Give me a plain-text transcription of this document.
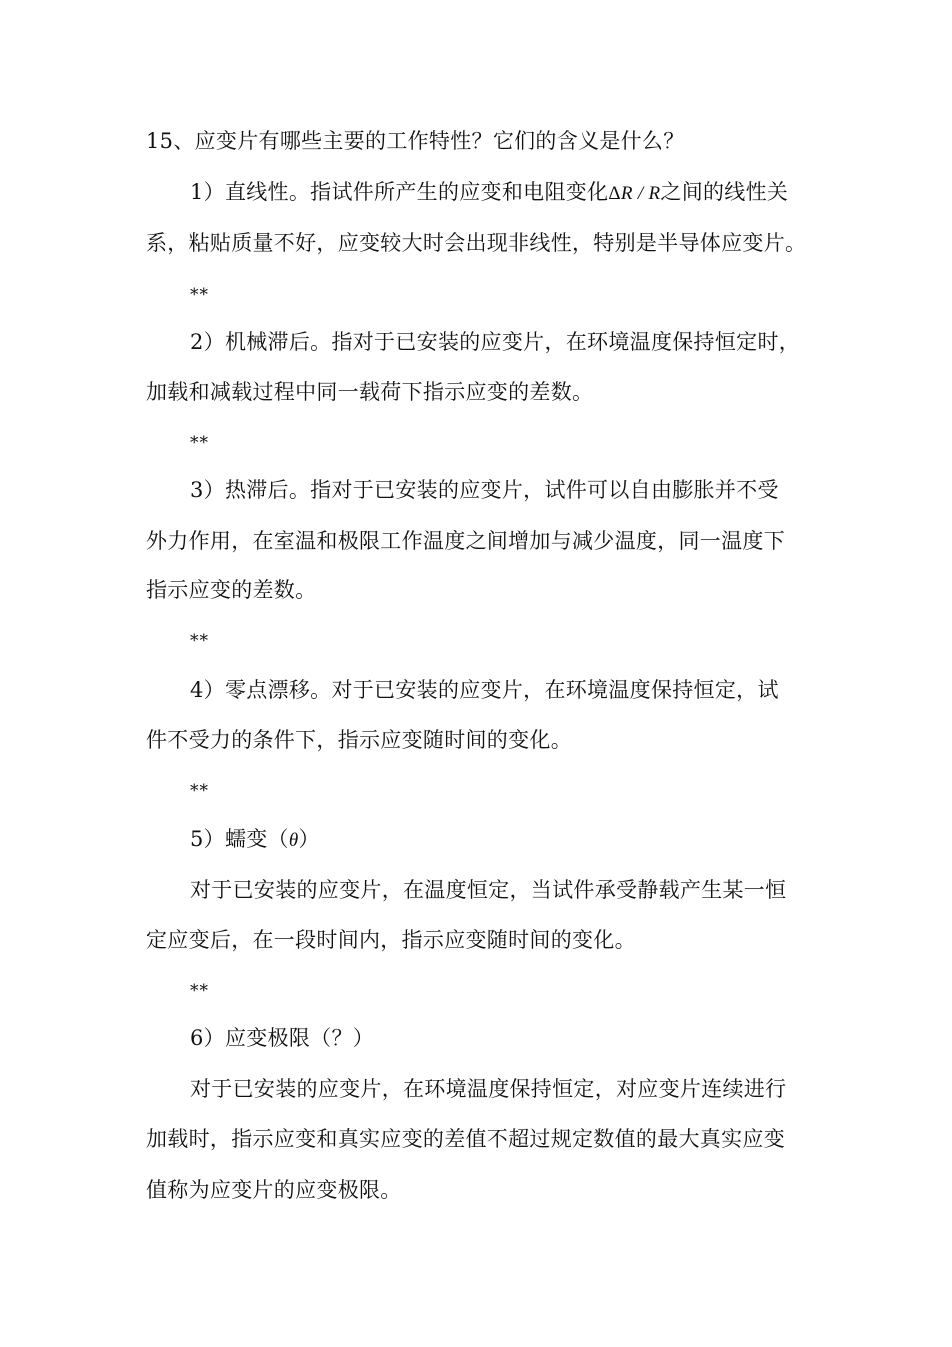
15、应变片有哪些主要的工作特性？它们的含义是什么？
1）直线性。指试件所产生的应变和电阻变化ΔR / R之间的线性关
系，粘贴质量不好，应变较大时会出现非线性，特别是半导体应变片。
**
2）机械滞后。指对于已安装的应变片，在环境温度保持恒定时，
加载和减载过程中同一载荷下指示应变的差数。
**
3）热滞后。指对于已安装的应变片，试件可以自由膨胀并不受
外力作用，在室温和极限工作温度之间增加与减少温度，同一温度下
指示应变的差数。
**
4）零点漂移。对于已安装的应变片，在环境温度保持恒定，试
件不受力的条件下，指示应变随时间的变化。
**
5）蠕变（θ）
对于已安装的应变片，在温度恒定，当试件承受静载产生某一恒
定应变后，在一段时间内，指示应变随时间的变化。
**
6）应变极限（？）
对于已安装的应变片，在环境温度保持恒定，对应变片连续进行
加载时，指示应变和真实应变的差值不超过规定数值的最大真实应变
值称为应变片的应变极限。
